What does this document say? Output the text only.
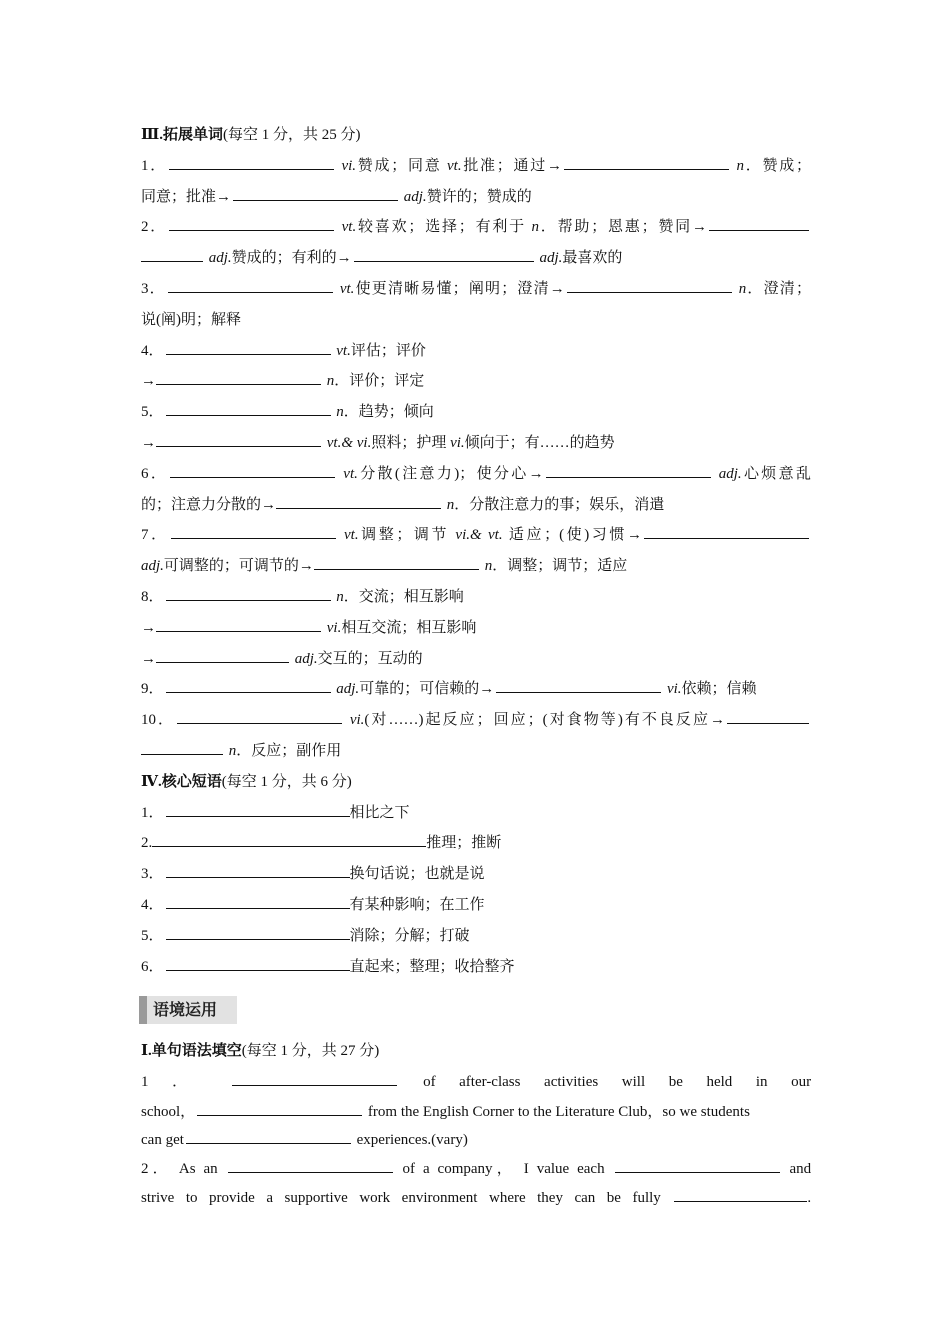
Ⅲ.拓展单词(每空 1 分，共 25 分)
1．	vi.赞成；同意 vt.批准；通过→	n．赞成；
同意；批准→	adj.赞许的；赞成的
2．	vt.较喜欢；选择；有利于 n．帮助；恩惠；赞同→
adj.赞成的；有利的→	adj.最喜欢的
3．	vt.使更清晰易懂；阐明；澄清→	n．澄清；
说(阐)明；解释
4．	vt.评估；评价
→	n．评价；评定
5．	n．趋势；倾向
→	vt.& vi.照料；护理 vi.倾向于；有……的趋势
6．	vt.分散(注意力)；使分心→	adj.心烦意乱
的；注意力分散的→	n．分散注意力的事；娱乐，消遣
7．	vt.调整；调节 vi.& vt. 适应；(使)习惯→
adj.可调整的；可调节的→	n．调整；调节；适应
8．	n．交流；相互影响
→	vi.相互交流；相互影响
→	adj.交互的；互动的
9．	adj.可靠的；可信赖的→	vi.依赖；信赖
10．	vi.(对……)起反应；回应；(对食物等)有不良反应→
n．反应；副作用
Ⅳ.核心短语(每空 1 分，共 6 分)
1．	相比之下
2.	推理；推断
3．	换句话说；也就是说
4．	有某种影响；在工作
5．	消除；分解；打破
6．	直起来；整理；收拾整齐
语境运用
Ⅰ.单句语法填空(每空 1 分，共 27 分)
1 ．	of after-class activities will be held in our
school，	from the English Corner to the Literature Club，so we students
can get	experiences.(vary)
2． As an	of a company， I value each	and
strive to provide a supportive work environment where they can be fully	.
